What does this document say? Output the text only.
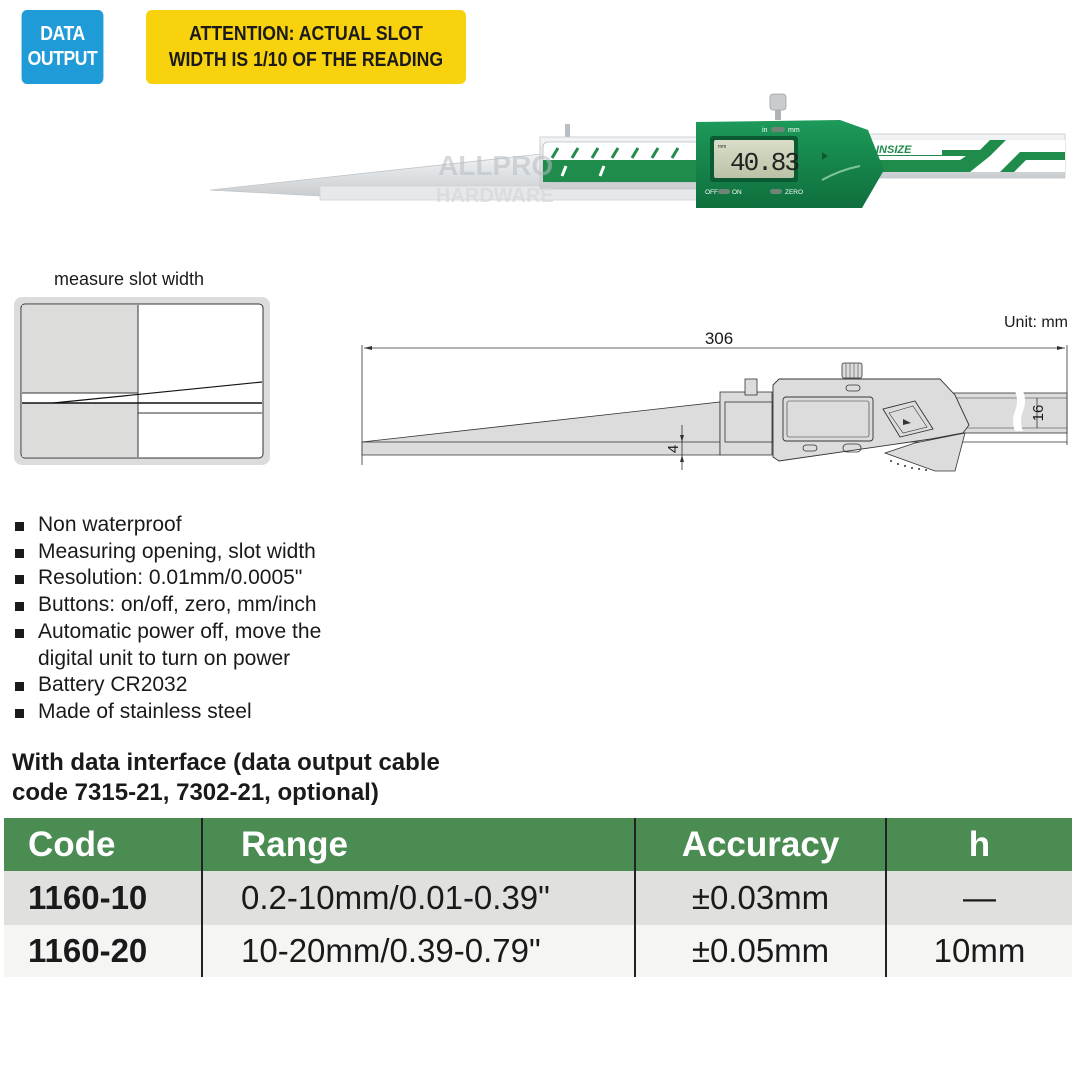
DATA
OUTPUT
ATTENTION: ACTUAL SLOT
WIDTH IS 1/10 OF THE READING
ALLPRO
HARDWARE
INSIZE
in	mm
mm
40.83
OFF ON	ZERO
measure slot width
Unit: mm
306
16
4
Non waterproof
Measuring opening, slot width
Resolution: 0.01mm/0.0005"
Buttons: on/off, zero, mm/inch
Automatic power off, move the
digital unit to turn on power
Battery CR2032
Made of stainless steel
With data interface (data output cable
code 7315-21, 7302-21, optional)
Code	Range	Accuracy	h
1160-10	0.2-10mm/0.01-0.39"	±0.03mm	—
1160-20	10-20mm/0.39-0.79"	±0.05mm	10mm
